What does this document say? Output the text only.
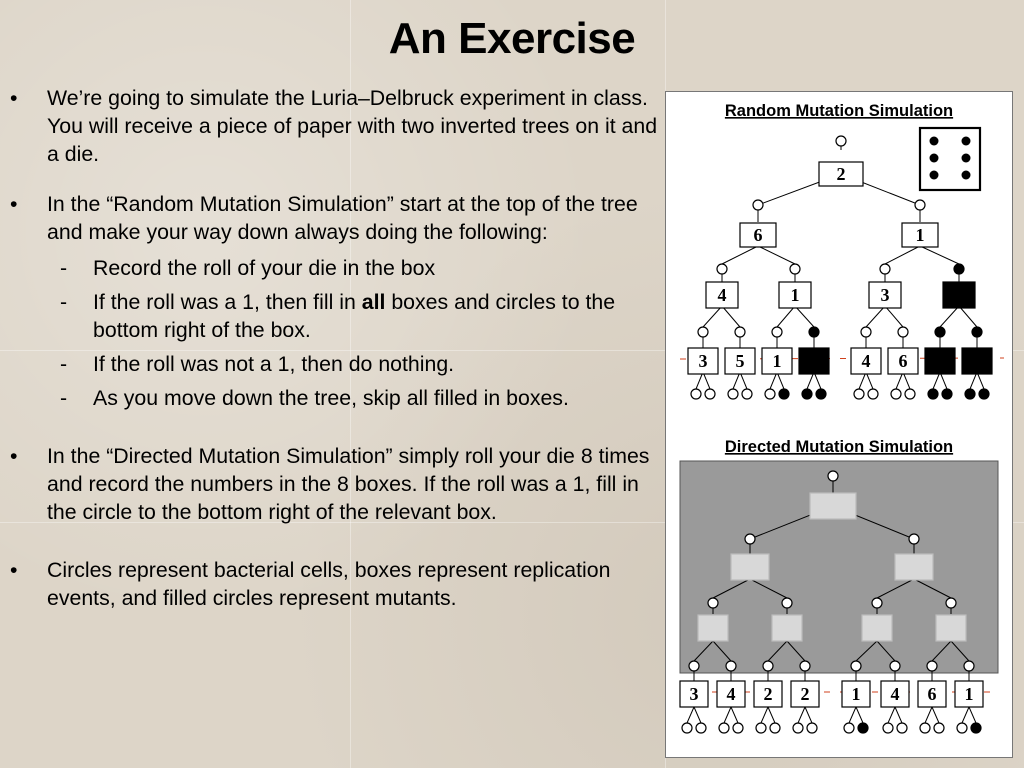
An Exercise
• We’re going to simulate the Luria–Delbruck experiment in class. You will receive a piece of paper with two inverted trees on it and a die.
• In the “Random Mutation Simulation” start at the top of the tree and make your way down always doing the following:
- Record the roll of your die in the box
- If the roll was a 1, then fill in all boxes and circles to the bottom right of the box.
- If the roll was not a 1, then do nothing.
- As you move down the tree, skip all filled in boxes.
• In the “Directed Mutation Simulation” simply roll your die 8 times and record the numbers in the 8 boxes. If the roll was a 1, fill in the circle to the bottom right of the relevant box.
• Circles represent bacterial cells, boxes represent replication events, and filled circles represent mutants.
Random Mutation Simulation
2
6	1
4	1	3
3 5 1	4 6
Directed Mutation Simulation
3 4 2 2 1 4 6 1
